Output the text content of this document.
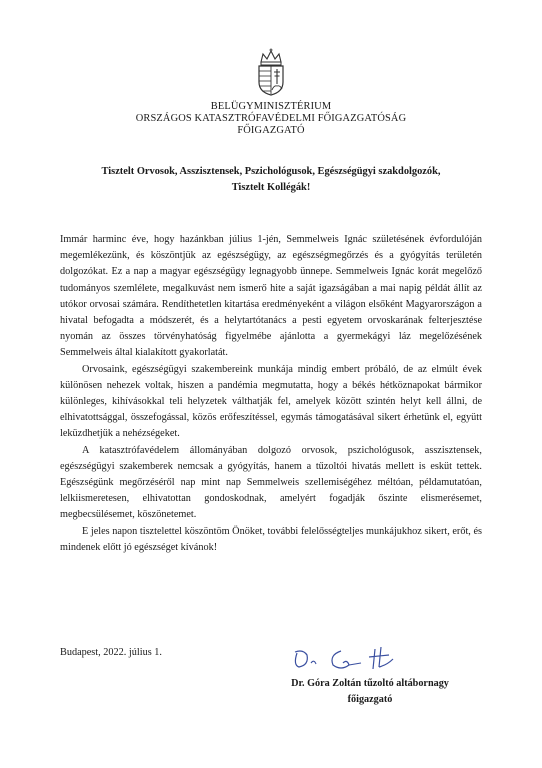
BELÜGYMINISZTÉRIUM
ORSZÁGOS KATASZTRÓFAVÉDELMI FŐIGAZGATÓSÁG
FŐIGAZGATÓ
Tisztelt Orvosok, Asszisztensek, Pszichológusok, Egészségügyi szakdolgozók,
Tisztelt Kollégák!

Immár harminc éve, hogy hazánkban július 1-jén, Semmelweis Ignác születésének évfordulóján megemlékezünk, és köszöntjük az egészségügy, az egészségmegőrzés és a gyógyítás területén dolgozókat. Ez a nap a magyar egészségügy legnagyobb ünnepe. Semmelweis Ignác korát megelőző tudományos szemlélete, megalkuvást nem ismerő hite a saját igazságában a mai napig példát állít az utókor orvosai számára. Rendíthetetlen kitartása eredményeként a világon elsőként Magyarországon a hivatal befogadta a módszerét, és a helytartótanács a pesti egyetem orvoskarának felterjesztése nyomán az összes törvényhatóság figyelmébe ajánlotta a gyermekágyi láz megelőzésének Semmelweis által kialakított gyakorlatát.

Orvosaink, egészségügyi szakembereink munkája mindig embert próbáló, de az elmúlt évek különösen nehezek voltak, hiszen a pandémia megmutatta, hogy a békés hétköznapokat bármikor különleges, kihívásokkal teli helyzetek válthatják fel, amelyek között szintén helyt kell állni, de elhivatottsággal, összefogással, közös erőfeszítéssel, egymás támogatásával sikert érhetünk el, együtt leküzdhetjük a nehézségeket.

A katasztrófavédelem állományában dolgozó orvosok, pszichológusok, asszisztensek, egészségügyi szakemberek nemcsak a gyógyítás, hanem a tűzoltói hivatás mellett is esküt tettek. Egészségünk megőrzéséről nap mint nap Semmelweis szellemiségéhez méltóan, példamutatóan, lelkiismeretesen, elhivatottan gondoskodnak, amelyért fogadják őszinte elismerésemet, megbecsülésemet, köszönetemet.

E jeles napon tisztelettel köszöntöm Önöket, további felelősségteljes munkájukhoz sikert, erőt, és mindenek előtt jó egészséget kívánok!

Budapest, 2022. július 1.
Dr. Góra Zoltán tűzoltó altábornagy
főigazgató
